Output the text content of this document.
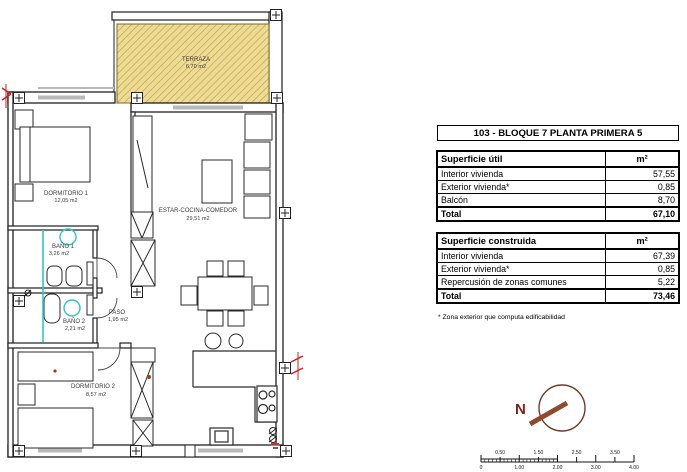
TERRAZA
6,70 m2
DORMITORIO 1
12,05 m2
ESTAR-COCINA-COMEDOR
29,51 m2
BAÑO 1
3,26 m2
BAÑO 2
2,21 m2
PASO
1,95 m2
DORMITORIO 2
8,57 m2
103 - BLOQUE 7 PLANTA PRIMERA 5
Superficie útil	m²
Interior vivienda	57,55
Exterior vivienda*	0,85
Balcón	8,70
Total	67,10
Superficie construida	m²
Interior vivienda	67,39
Exterior vivienda*	0,85
Repercusión de zonas comunes	5,22
Total	73,46
* Zona exterior que computa edificabilidad
N
0.50	1.50	2.50	3.50
0	1.00	2.00	3.00	4.00
